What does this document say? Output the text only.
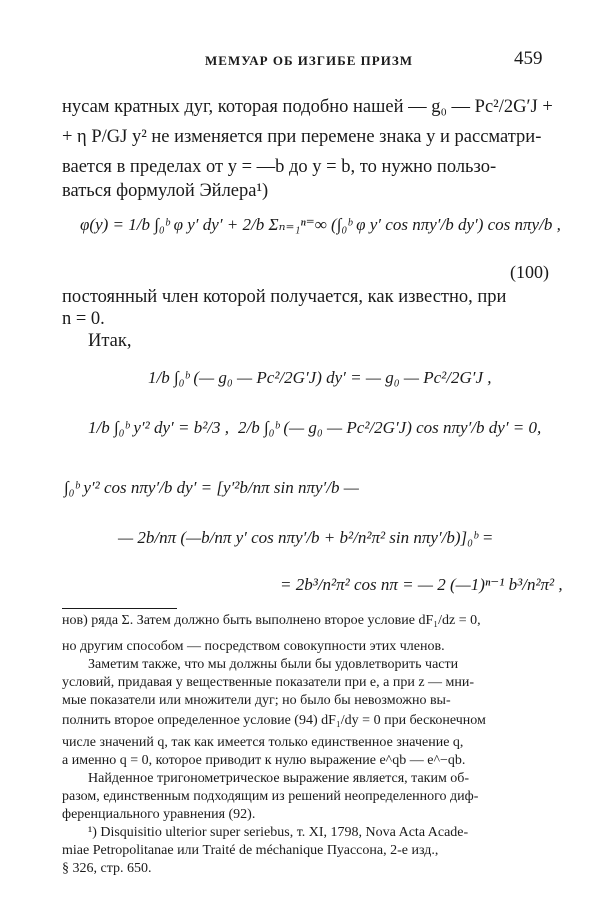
МЕМУАР ОБ ИЗГИБЕ ПРИЗМ	459
нусам кратных дуг, которая подобно нашей — g₀ — Pc²/2G′J +
+ η P/GJ y² не изменяется при перемене знака y и рассматри-
вается в пределах от y = —b до y = b, то нужно пользо-
ваться формулой Эйлера¹)
φ(y) = 1/b ∫₀ᵇ φ y′ dy′ + 2/b Σₙ₌₁ⁿ⁼∞ (∫₀ᵇ φ y′ cos nπy′/b dy′) cos nπy/b ,
(100)
постоянный член которой получается, как известно, при
n = 0.
Итак,
1/b ∫₀ᵇ (— g₀ — Pc²/2G′J) dy′ = — g₀ — Pc²/2G′J ,
1/b ∫₀ᵇ y′² dy′ = b²/3 , 2/b ∫₀ᵇ (— g₀ — Pc²/2G′J) cos nπy′/b dy′ = 0,
∫₀ᵇ y′² cos nπy′/b dy′ = [y′²b/nπ sin nπy′/b —
— 2b/nπ (—b/nπ y′ cos nπy′/b + b²/n²π² sin nπy′/b)]₀ᵇ =
= 2b³/n²π² cos nπ = — 2 (—1)ⁿ⁻¹ b³/n²π² ,
нов) ряда Σ. Затем должно быть выполнено второе условие dF₁/dz = 0,
но другим способом — посредством совокупности этих членов.
Заметим также, что мы должны были бы удовлетворить части
условий, придавая y вещественные показатели при e, а при z — мни-
мые показатели или множители дуг; но было бы невозможно вы-
полнить второе определенное условие (94) dF₁/dy = 0 при бесконечном
числе значений q, так как имеется только единственное значение q,
а именно q = 0, которое приводит к нулю выражение e^qb — e^−qb.
Найденное тригонометрическое выражение является, таким об-
разом, единственным подходящим из решений неопределенного диф-
ференциального уравнения (92).
¹) Disquisitio ulterior super seriebus, т. XI, 1798, Nova Acta Acade-
miae Petropolitanae или Traité de méchanique Пуассона, 2-е изд.,
§ 326, стр. 650.
